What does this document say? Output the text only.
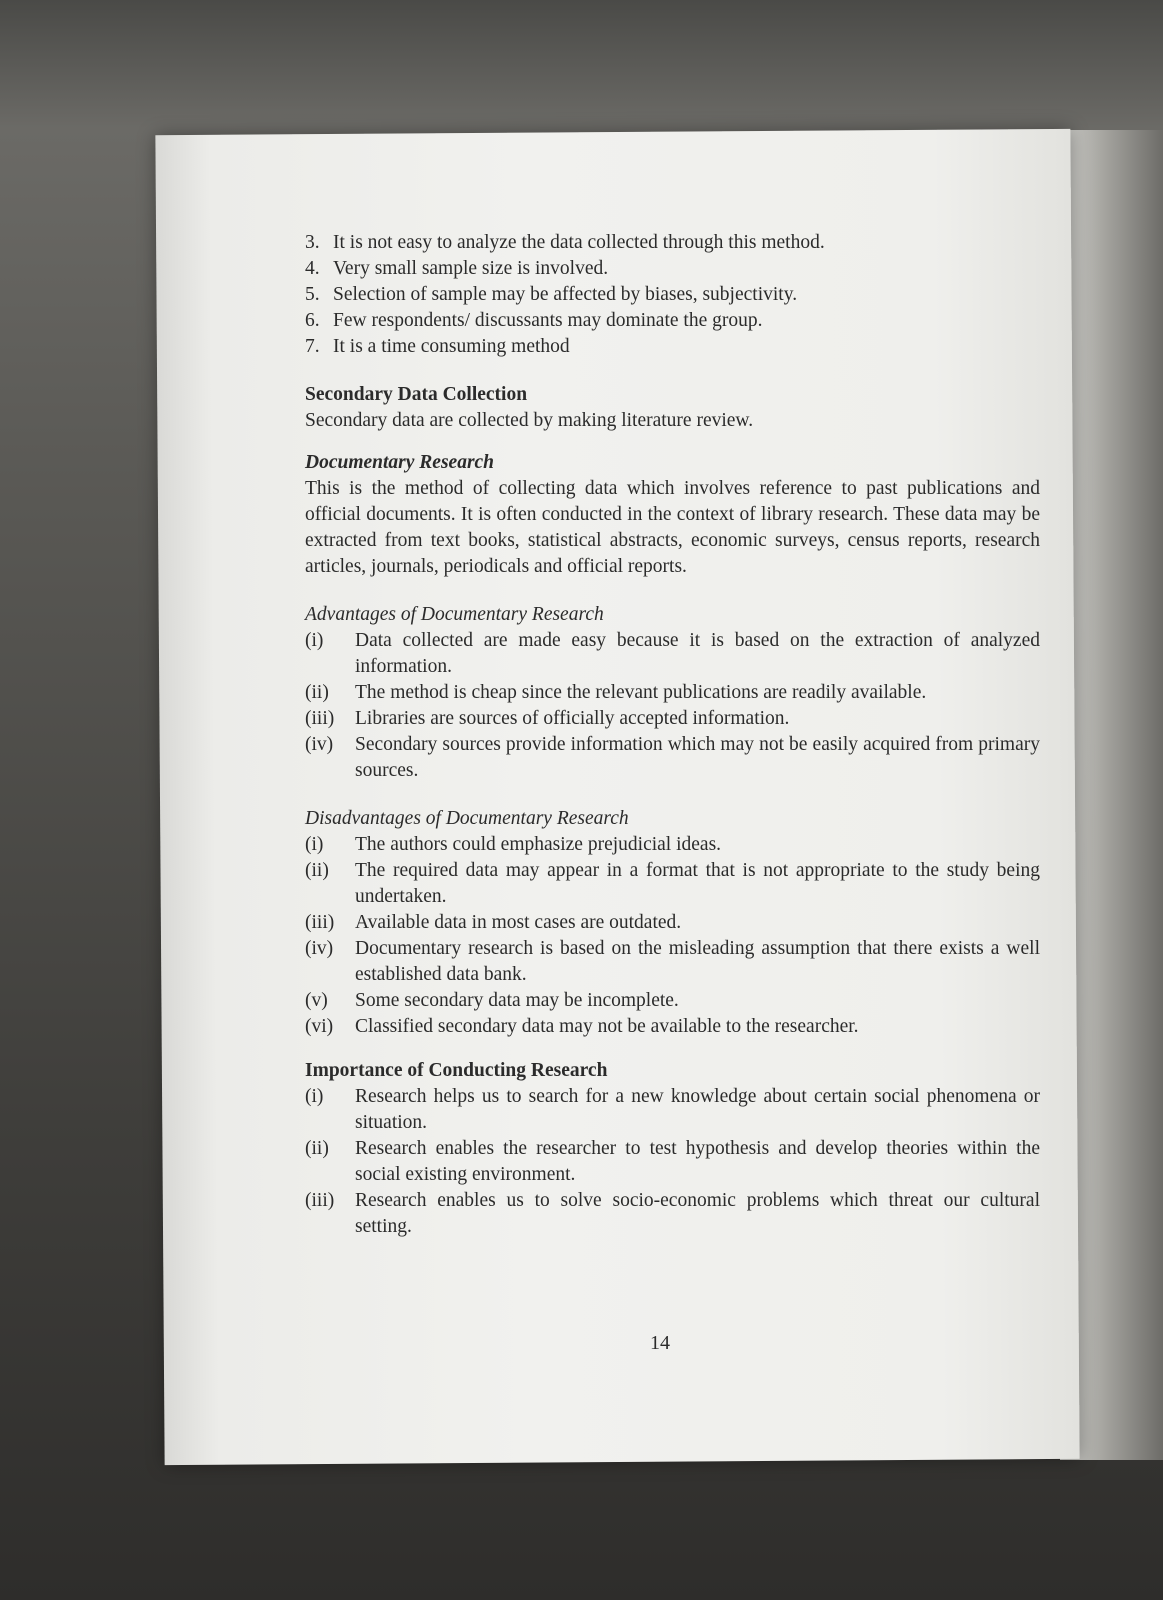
3. It is not easy to analyze the data collected through this method.
4. Very small sample size is involved.
5. Selection of sample may be affected by biases, subjectivity.
6. Few respondents/ discussants may dominate the group.
7. It is a time consuming method
Secondary Data Collection
Secondary data are collected by making literature review.
Documentary Research
This is the method of collecting data which involves reference to past publications and official documents. It is often conducted in the context of library research. These data may be extracted from text books, statistical abstracts, economic surveys, census reports, research articles, journals, periodicals and official reports.
Advantages of Documentary Research
(i)	Data collected are made easy because it is based on the extraction of analyzed information.
(ii)	The method is cheap since the relevant publications are readily available.
(iii)	Libraries are sources of officially accepted information.
(iv)	Secondary sources provide information which may not be easily acquired from primary sources.
Disadvantages of Documentary Research
(i)	The authors could emphasize prejudicial ideas.
(ii)	The required data may appear in a format that is not appropriate to the study being undertaken.
(iii)	Available data in most cases are outdated.
(iv)	Documentary research is based on the misleading assumption that there exists a well established data bank.
(v)	Some secondary data may be incomplete.
(vi)	Classified secondary data may not be available to the researcher.
Importance of Conducting Research
(i)	Research helps us to search for a new knowledge about certain social phenomena or situation.
(ii)	Research enables the researcher to test hypothesis and develop theories within the social existing environment.
(iii)	Research enables us to solve socio-economic problems which threat our cultural setting.
14
